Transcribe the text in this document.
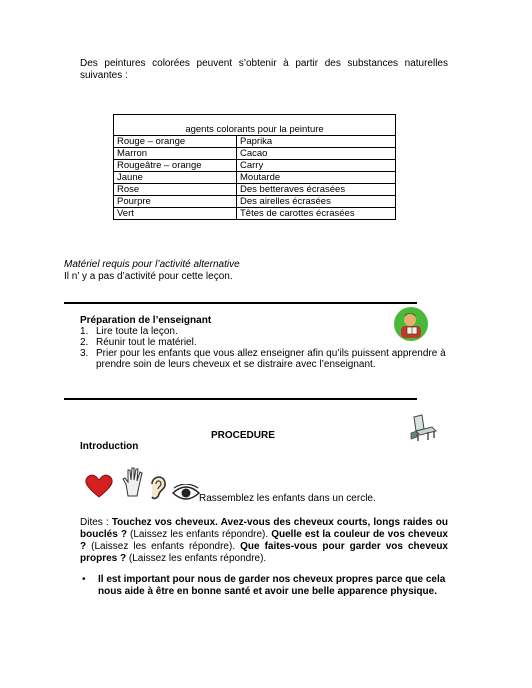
Des peintures colorées peuvent s’obtenir à partir des substances naturelles suivantes :
agents colorants pour la peinture	
Rouge – orange	Paprika
Marron	Cacao
Rougeâtre – orange	Carry
Jaune	Moutarde
Rose	Des betteraves écrasées
Pourpre	Des airelles écrasées
Vert	Têtes de carottes écrasées
Matériel requis pour l’activité alternative
Il n’ y a pas d’activité pour cette leçon.
Préparation de l’enseignant
1. Lire toute la leçon.
2. Réunir tout le matériel.
3. Prier pour les enfants que vous allez enseigner afin qu’ils puissent apprendre à prendre soin de leurs cheveux et se distraire avec l’enseignant.
PROCEDURE
Introduction
Rassemblez les enfants dans un cercle.
Dites : Touchez vos cheveux. Avez-vous des cheveux courts, longs raides ou bouclés ? (Laissez les enfants répondre). Quelle est la couleur de vos cheveux ? (Laissez les enfants répondre). Que faites-vous pour garder vos cheveux propres ? (Laissez les enfants répondre).
• Il est important pour nous de garder nos cheveux propres parce que cela nous aide à être en bonne santé et avoir une belle apparence physique.
